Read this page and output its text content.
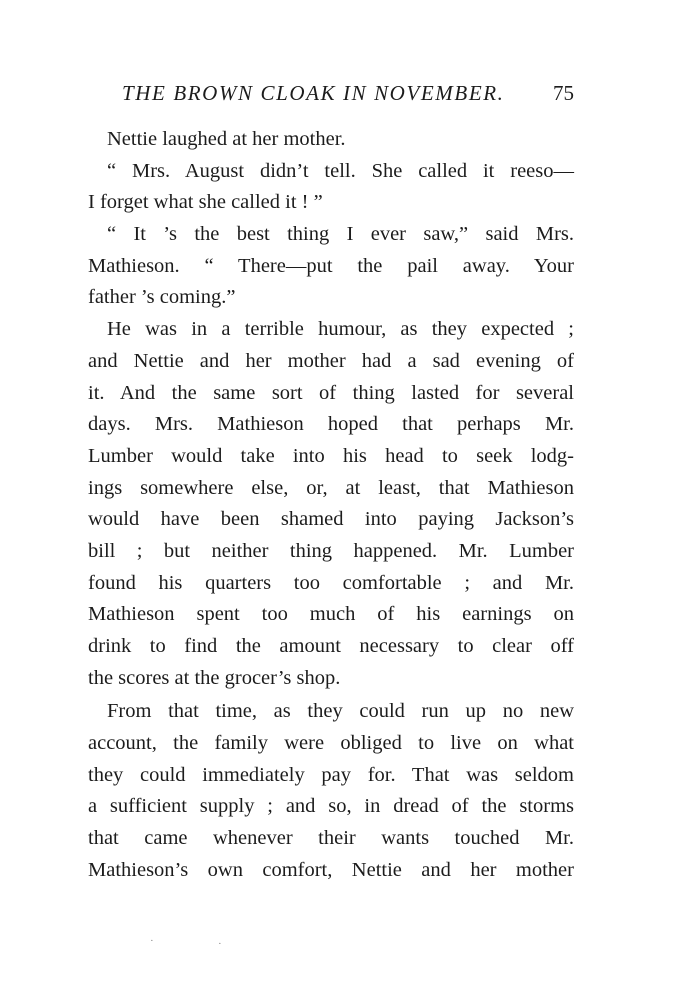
THE BROWN CLOAK IN NOVEMBER. 75
Nettie laughed at her mother.
“ Mrs. August didn’t tell. She called it reeso—
I forget what she called it ! ”
“ It ’s the best thing I ever saw,” said Mrs.
Mathieson. “ There—put the pail away. Your
father ’s coming.”
He was in a terrible humour, as they expected ;
and Nettie and her mother had a sad evening of
it. And the same sort of thing lasted for several
days. Mrs. Mathieson hoped that perhaps Mr.
Lumber would take into his head to seek lodg-
ings somewhere else, or, at least, that Mathieson
would have been shamed into paying Jackson’s
bill ; but neither thing happened. Mr. Lumber
found his quarters too comfortable ; and Mr.
Mathieson spent too much of his earnings on
drink to find the amount necessary to clear off
the scores at the grocer’s shop.
From that time, as they could run up no new
account, the family were obliged to live on what
they could immediately pay for. That was seldom
a sufficient supply ; and so, in dread of the storms
that came whenever their wants touched Mr.
Mathieson’s own comfort, Nettie and her mother
·	·
